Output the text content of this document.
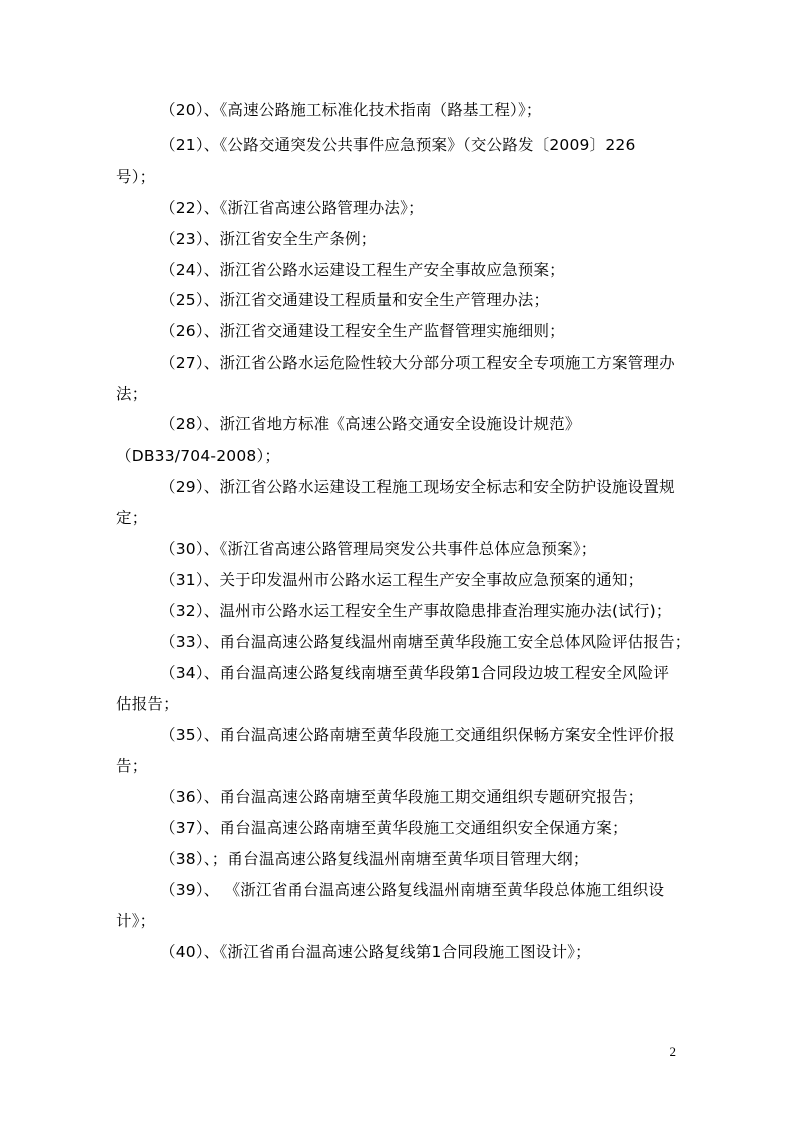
（20）、《高速公路施工标准化技术指南（路基工程）》；
（21）、《公路交通突发公共事件应急预案》（交公路发〔2009〕226
号）；
（22）、《浙江省高速公路管理办法》；
（23）、浙江省安全生产条例；
（24）、浙江省公路水运建设工程生产安全事故应急预案；
（25）、浙江省交通建设工程质量和安全生产管理办法；
（26）、浙江省交通建设工程安全生产监督管理实施细则；
（27）、浙江省公路水运危险性较大分部分项工程安全专项施工方案管理办
法；
（28）、浙江省地方标准《高速公路交通安全设施设计规范》
（DB33/704-2008）；
（29）、浙江省公路水运建设工程施工现场安全标志和安全防护设施设置规
定；
（30）、《浙江省高速公路管理局突发公共事件总体应急预案》；
（31）、关于印发温州市公路水运工程生产安全事故应急预案的通知；
（32）、温州市公路水运工程安全生产事故隐患排查治理实施办法(试行)；
（33）、甬台温高速公路复线温州南塘至黄华段施工安全总体风险评估报告；
（34）、甬台温高速公路复线南塘至黄华段第1合同段边坡工程安全风险评
估报告；
（35）、甬台温高速公路南塘至黄华段施工交通组织保畅方案安全性评价报
告；
（36）、甬台温高速公路南塘至黄华段施工期交通组织专题研究报告；
（37）、甬台温高速公路南塘至黄华段施工交通组织安全保通方案；
（38）、；甬台温高速公路复线温州南塘至黄华项目管理大纲；
（39）、 《浙江省甬台温高速公路复线温州南塘至黄华段总体施工组织设
计》；
（40）、《浙江省甬台温高速公路复线第1合同段施工图设计》；
2
